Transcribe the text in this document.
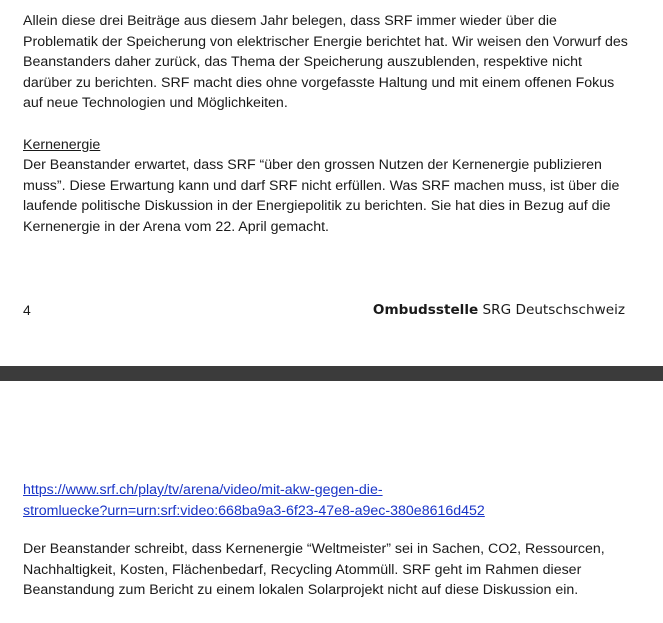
Allein diese drei Beiträge aus diesem Jahr belegen, dass SRF immer wieder über die Problematik der Speicherung von elektrischer Energie berichtet hat. Wir weisen den Vorwurf des Beanstanders daher zurück, das Thema der Speicherung auszublenden, respektive nicht darüber zu berichten. SRF macht dies ohne vorgefasste Haltung und mit einem offenen Fokus auf neue Technologien und Möglichkeiten.

Kernenergie

Der Beanstander erwartet, dass SRF “über den grossen Nutzen der Kernenergie publizieren muss”. Diese Erwartung kann und darf SRF nicht erfüllen. Was SRF machen muss, ist über die laufende politische Diskussion in der Energiepolitik zu berichten. Sie hat dies in Bezug auf die Kernenergie in der Arena vom 22. April gemacht.

4	Ombudsstelle SRG Deutschschweiz

https://www.srf.ch/play/tv/arena/video/mit-akw-gegen-die-
stromluecke?urn=urn:srf:video:668ba9a3-6f23-47e8-a9ec-380e8616d452

Der Beanstander schreibt, dass Kernenergie “Weltmeister” sei in Sachen, CO2, Ressourcen, Nachhaltigkeit, Kosten, Flächenbedarf, Recycling Atommüll. SRF geht im Rahmen dieser Beanstandung zum Bericht zu einem lokalen Solarprojekt nicht auf diese Diskussion ein.
